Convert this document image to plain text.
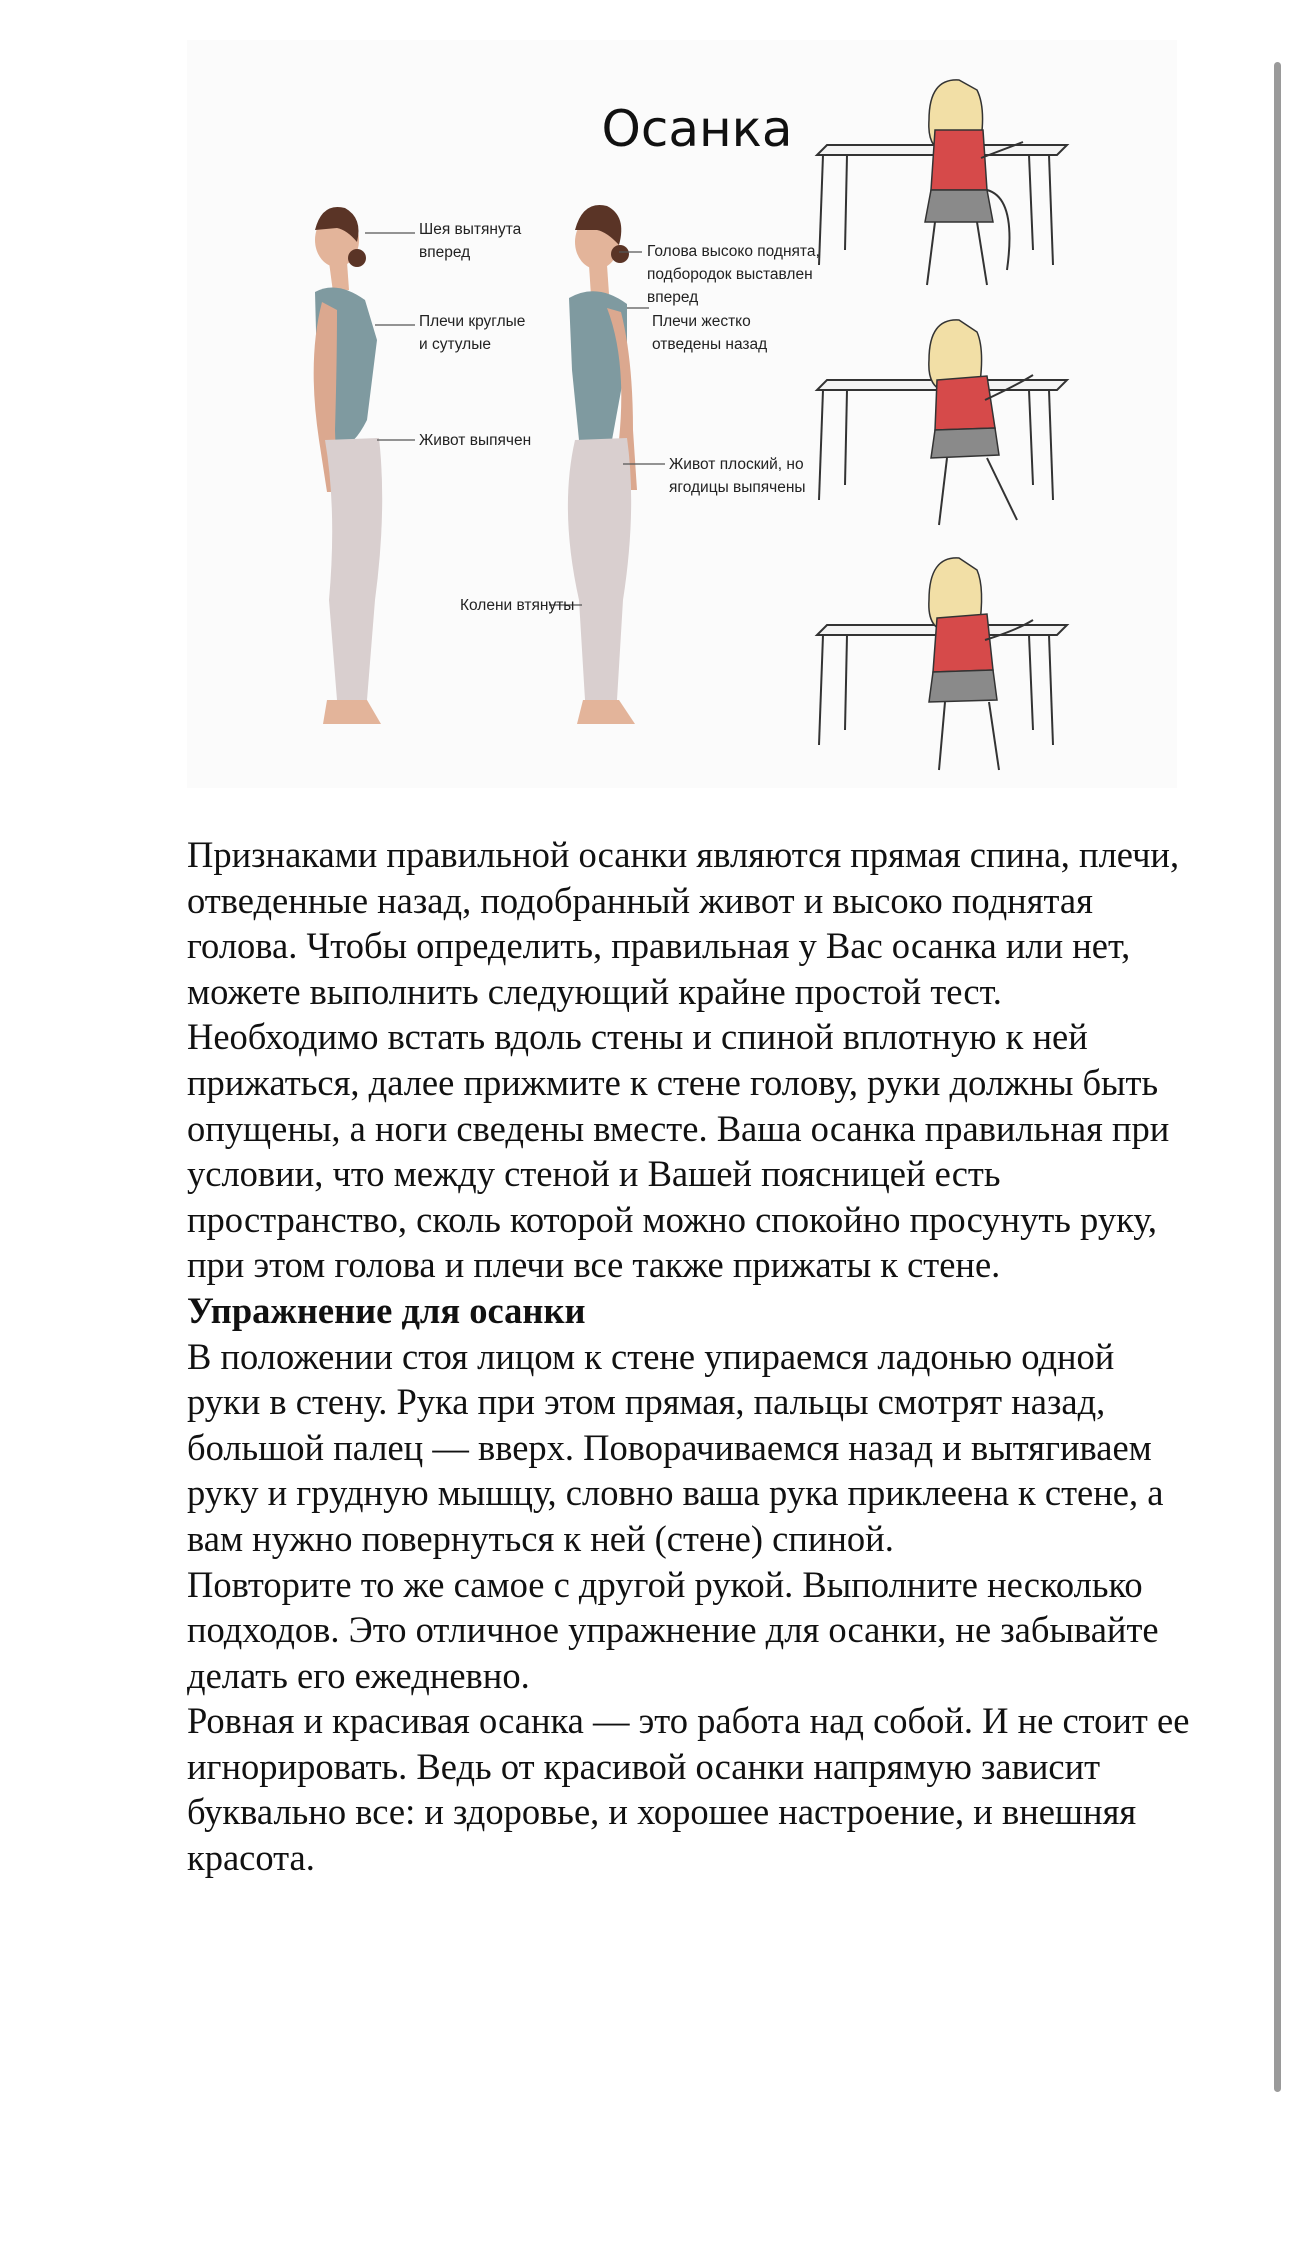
Осанка
Шея вытянута
вперед
Плечи круглые
и сутулые
Живот выпячен
Колени втянуты
Голова высоко поднята,
подбородок выставлен
вперед
Плечи жестко
отведены назад
Живот плоский, но
ягодицы выпячены

Признаками правильной осанки являются прямая спина, плечи, отведенные назад, подобранный живот и высоко поднятая голова. Чтобы определить, правильная у Вас осанка или нет, можете выполнить следующий крайне простой тест. Необходимо встать вдоль стены и спиной вплотную к ней прижаться, далее прижмите к стене голову, руки должны быть опущены, а ноги сведены вместе. Ваша осанка правильная при условии, что между стеной и Вашей поясницей есть пространство, сколь которой можно спокойно просунуть руку, при этом голова и плечи все также прижаты к стене.

Упражнение для осанки

В положении стоя лицом к стене упираемся ладонью одной руки в стену. Рука при этом прямая, пальцы смотрят назад, большой палец — вверх. Поворачиваемся назад и вытягиваем руку и грудную мышцу, словно ваша рука приклеена к стене, а вам нужно повернуться к ней (стене) спиной.

Повторите то же самое с другой рукой. Выполните несколько подходов. Это отличное упражнение для осанки, не забывайте делать его ежедневно.

Ровная и красивая осанка — это работа над собой. И не стоит ее игнорировать. Ведь от красивой осанки напрямую зависит буквально все: и здоровье, и хорошее настроение, и внешняя красота.
